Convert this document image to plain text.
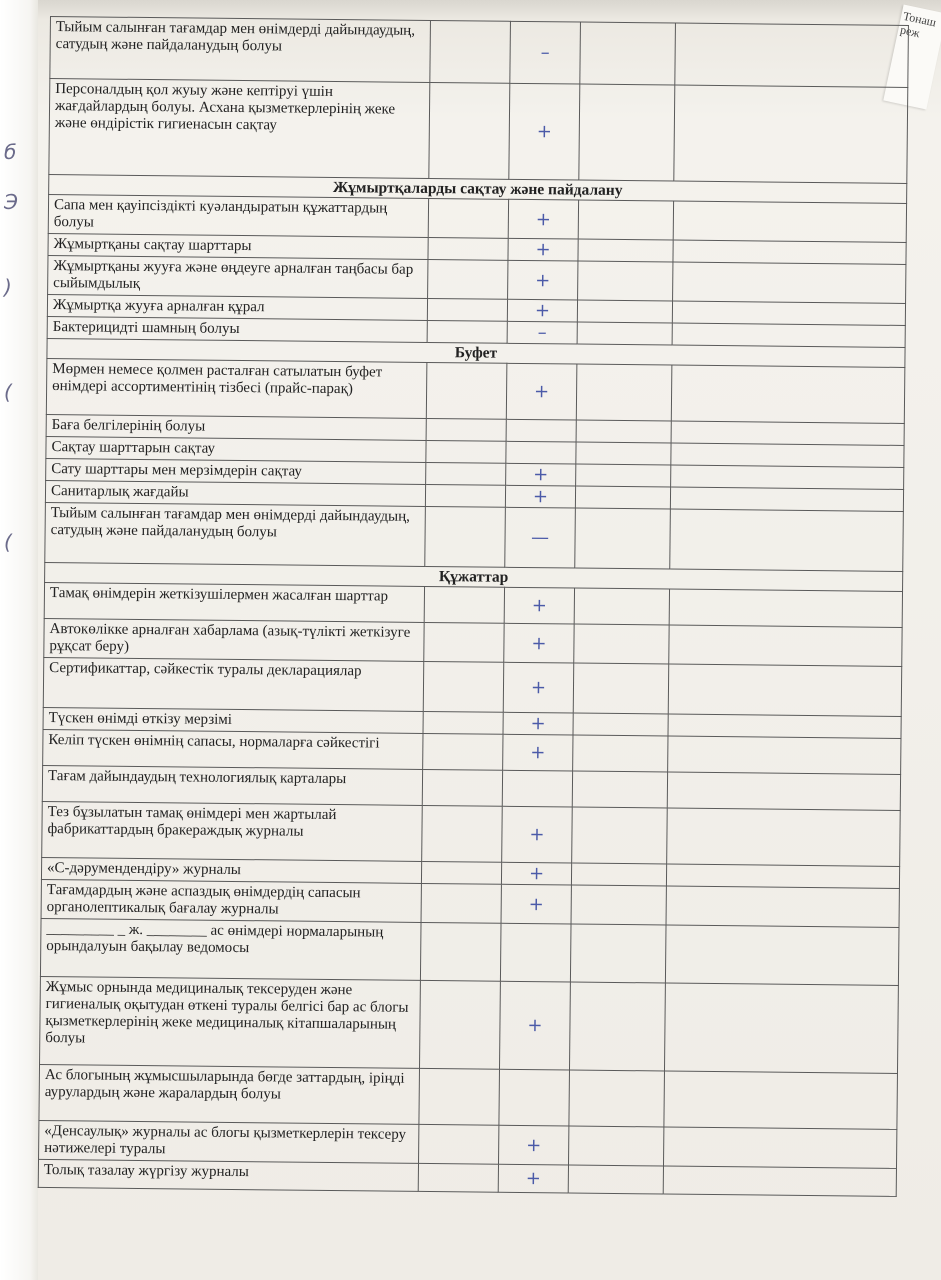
б
Э
)
(
(
Тонаш реж
Тыйым салынған тағамдар мен өнімдерді дайындаудың, сатудың және пайдаланудың болуы		–		
Персоналдың қол жуыу және кептіруі үшін жағдайлардың болуы. Асхана қызметкерлерінің жеке және өндірістік гигиенасын сақтау		+		
Жұмыртқаларды сақтау және пайдалану				
Сапа мен қауіпсіздікті куәландыратын құжаттардың болуы		+		
Жұмыртқаны сақтау шарттары		+		
Жұмыртқаны жууға және өңдеуге арналған таңбасы бар сыйымдылық		+		
Жұмыртқа жууға арналған құрал		+		
Бактерицидті шамның болуы		–		
Буфет				
Мөрмен немесе қолмен расталған сатылатын буфет өнімдері ассортиментінің тізбесі (прайс-парақ)		+		
Баға белгілерінің болуы				
Сақтау шарттарын сақтау				
Сату шарттары мен мерзімдерін сақтау		+		
Санитарлық жағдайы		+		
Тыйым салынған тағамдар мен өнімдерді дайындаудың, сатудың және пайдаланудың болуы		—		
Құжаттар				
Тамақ өнімдерін жеткізушілермен жасалған шарттар		+		
Автокөлікке арналған хабарлама (азық-түлікті жеткізуге рұқсат беру)		+		
Сертификаттар, сәйкестік туралы декларациялар		+		
Түскен өнімді өткізу мерзімі		+		
Келіп түскен өнімнің сапасы, нормаларға сәйкестігі		+		
Тағам дайындаудың технологиялық карталары				
Тез бұзылатын тамақ өнімдері мен жартылай фабрикаттардың бракераждық журналы		+		
«С-дәрумендендіру» журналы		+		
Тағамдардың және аспаздық өнімдердің сапасын органолептикалық бағалау журналы		+		
_________ _ ж. ________ ас өнімдері нормаларының орындалуын бақылау ведомосы				
Жұмыс орнында медициналық тексеруден және гигиеналық оқытудан өткені туралы белгісі бар ас блогы қызметкерлерінің жеке медициналық кітапшаларының болуы		+		
Ас блогының жұмысшыларында бөгде заттардың, іріңді аурулардың және жаралардың болуы				
«Денсаулық» журналы ас блогы қызметкерлерін тексеру нәтижелері туралы		+		
Толық тазалау жүргізу журналы		+		
